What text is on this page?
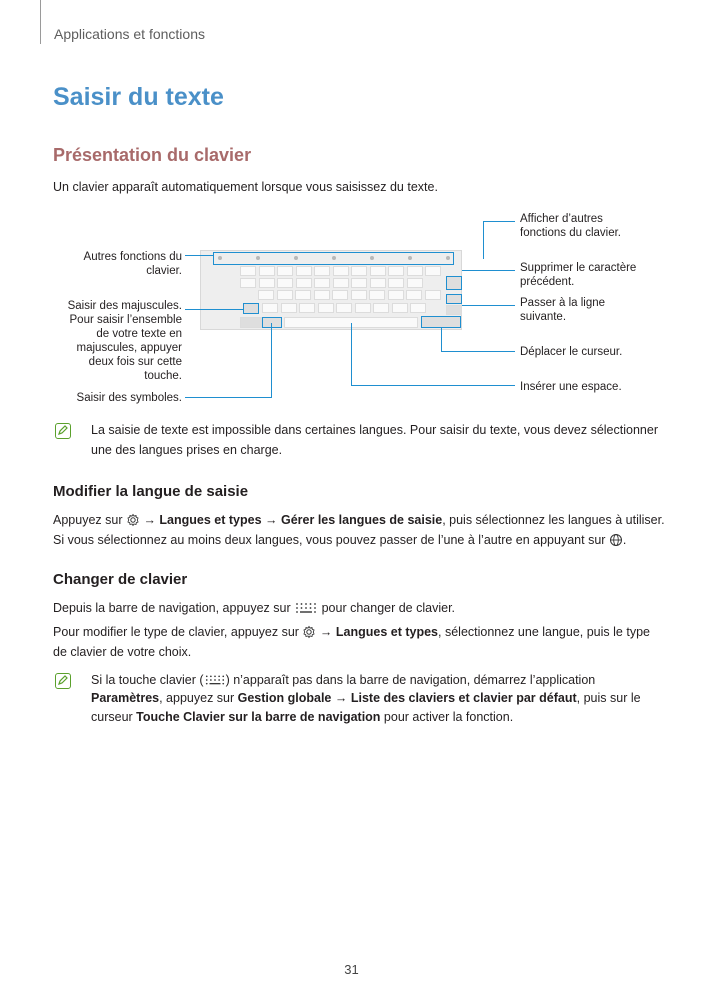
Applications et fonctions
Saisir du texte
Présentation du clavier
Un clavier apparaît automatiquement lorsque vous saisissez du texte.
Autres fonctions du
clavier.
Saisir des majuscules.
Pour saisir l’ensemble
de votre texte en
majuscules, appuyer
deux fois sur cette
touche.
Saisir des symboles.
Afficher d’autres
fonctions du clavier.
Supprimer le caractère
précédent.
Passer à la ligne
suivante.
Déplacer le curseur.
Insérer une espace.
La saisie de texte est impossible dans certaines langues. Pour saisir du texte, vous devez sélectionner
une des langues prises en charge.
Modifier la langue de saisie
Appuyez sur  → Langues et types → Gérer les langues de saisie, puis sélectionnez les langues à utiliser.
Si vous sélectionnez au moins deux langues, vous pouvez passer de l’une à l’autre en appuyant sur .
Changer de clavier
Depuis la barre de navigation, appuyez sur  pour changer de clavier.
Pour modifier le type de clavier, appuyez sur  → Langues et types, sélectionnez une langue, puis le type
de clavier de votre choix.
Si la touche clavier ( ) n’apparaît pas dans la barre de navigation, démarrez l’application
Paramètres, appuyez sur Gestion globale → Liste des claviers et clavier par défaut, puis sur le
curseur Touche Clavier sur la barre de navigation pour activer la fonction.
31
